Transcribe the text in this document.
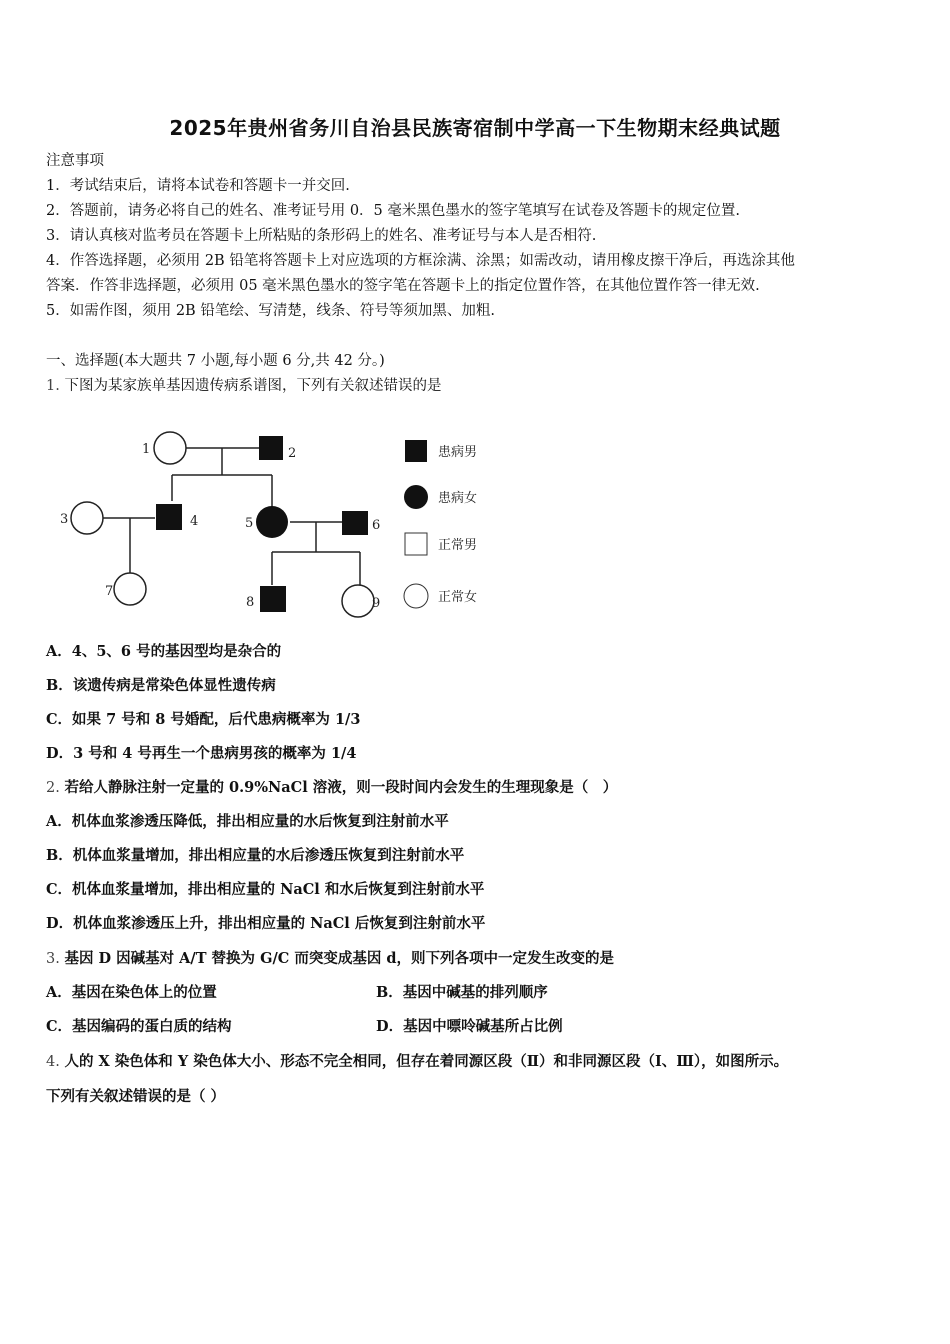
2025年贵州省务川自治县民族寄宿制中学高一下生物期末经典试题
注意事项
1．考试结束后，请将本试卷和答题卡一并交回.
2．答题前，请务必将自己的姓名、准考证号用 0．5 毫米黑色墨水的签字笔填写在试卷及答题卡的规定位置.
3．请认真核对监考员在答题卡上所粘贴的条形码上的姓名、准考证号与本人是否相符.
4．作答选择题，必须用 2B 铅笔将答题卡上对应选项的方框涂满、涂黑；如需改动，请用橡皮擦干净后，再选涂其他
答案．作答非选择题，必须用 05 毫米黑色墨水的签字笔在答题卡上的指定位置作答，在其他位置作答一律无效.
5．如需作图，须用 2B 铅笔绘、写清楚，线条、符号等须加黑、加粗.
一、选择题(本大题共 7 小题,每小题 6 分,共 42 分。)
1. 下图为某家族单基因遗传病系谱图，下列有关叙述错误的是
1	2
3	4	5	6
7
8	9
患病男
患病女
正常男
正常女
A．4、5、6 号的基因型均是杂合的
B．该遗传病是常染色体显性遗传病
C．如果 7 号和 8 号婚配，后代患病概率为 1/3
D．3 号和 4 号再生一个患病男孩的概率为 1/4
2. 若给人静脉注射一定量的 0.9%NaCl 溶液，则一段时间内会发生的生理现象是（　）
A．机体血浆渗透压降低，排出相应量的水后恢复到注射前水平
B．机体血浆量增加，排出相应量的水后渗透压恢复到注射前水平
C．机体血浆量增加，排出相应量的 NaCl 和水后恢复到注射前水平
D．机体血浆渗透压上升，排出相应量的 NaCl 后恢复到注射前水平
3. 基因 D 因碱基对 A/T 替换为 G/C 而突变成基因 d，则下列各项中一定发生改变的是
A．基因在染色体上的位置	B．基因中碱基的排列顺序
C．基因编码的蛋白质的结构	D．基因中嘌呤碱基所占比例
4. 人的 X 染色体和 Y 染色体大小、形态不完全相同，但存在着同源区段（Ⅱ）和非同源区段（Ⅰ、Ⅲ），如图所示。
下列有关叙述错误的是（ ）
